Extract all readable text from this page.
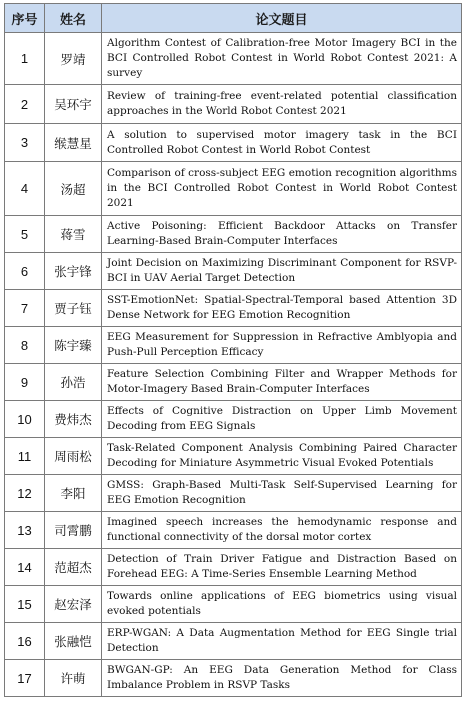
序号	姓名	论文题目
1	罗靖	Algorithm Contest of Calibration-free Motor Imagery BCI in the BCI Controlled Robot Contest in World Robot Contest 2021: A survey
2	吴环宇	Review of training-free event-related potential classification approaches in the World Robot Contest 2021
3	缑慧星	A solution to supervised motor imagery task in the BCI Controlled Robot Contest in World Robot Contest
4	汤超	Comparison of cross-subject EEG emotion recognition algorithms in the BCI Controlled Robot Contest in World Robot Contest 2021
5	蒋雪	Active Poisoning: Efficient Backdoor Attacks on Transfer Learning-Based Brain-Computer Interfaces
6	张宇锋	Joint Decision on Maximizing Discriminant Component for RSVP-BCI in UAV Aerial Target Detection
7	贾子钰	SST-EmotionNet: Spatial-Spectral-Temporal based Attention 3D Dense Network for EEG Emotion Recognition
8	陈宇臻	EEG Measurement for Suppression in Refractive Amblyopia and Push-Pull Perception Efficacy
9	孙浩	Feature Selection Combining Filter and Wrapper Methods for Motor-Imagery Based Brain-Computer Interfaces
10	费炜杰	Effects of Cognitive Distraction on Upper Limb Movement Decoding from EEG Signals
11	周雨松	Task-Related Component Analysis Combining Paired Character Decoding for Miniature Asymmetric Visual Evoked Potentials
12	李阳	GMSS: Graph-Based Multi-Task Self-Supervised Learning for EEG Emotion Recognition
13	司霄鹏	Imagined speech increases the hemodynamic response and functional connectivity of the dorsal motor cortex
14	范超杰	Detection of Train Driver Fatigue and Distraction Based on Forehead EEG: A Time-Series Ensemble Learning Method
15	赵宏泽	Towards online applications of EEG biometrics using visual evoked potentials
16	张融恺	ERP-WGAN: A Data Augmentation Method for EEG Single trial Detection
17	许萌	BWGAN-GP: An EEG Data Generation Method for Class Imbalance Problem in RSVP Tasks
